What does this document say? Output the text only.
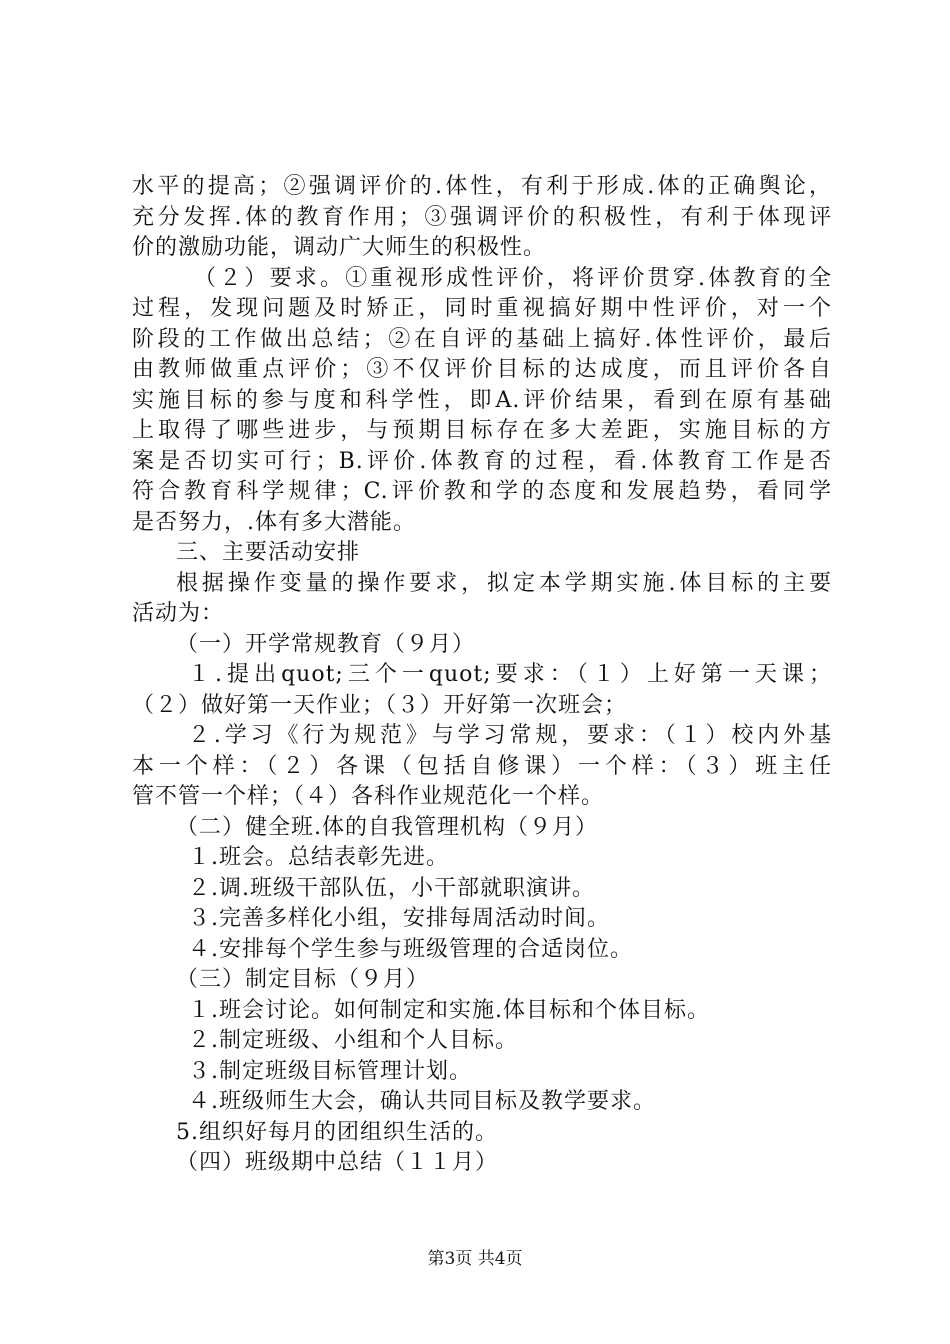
水平的提高；②强调评价的.体性，有利于形成.体的正确舆论，
充分发挥.体的教育作用；③强调评价的积极性，有利于体现评
价的激励功能，调动广大师生的积极性。
（２）要求。①重视形成性评价，将评价贯穿.体教育的全
过程，发现问题及时矫正，同时重视搞好期中性评价，对一个
阶段的工作做出总结；②在自评的基础上搞好.体性评价，最后
由教师做重点评价；③不仅评价目标的达成度，而且评价各自
实施目标的参与度和科学性，即A.评价结果，看到在原有基础
上取得了哪些进步，与预期目标存在多大差距，实施目标的方
案是否切实可行；B.评价.体教育的过程，看.体教育工作是否
符合教育科学规律；C.评价教和学的态度和发展趋势，看同学
是否努力，.体有多大潜能。
三、主要活动安排
根据操作变量的操作要求，拟定本学期实施.体目标的主要
活动为：
（一）开学常规教育（９月）
１.提出quot;三个一quot;要求：（１）上好第一天课；
（２）做好第一天作业；（３）开好第一次班会；
２.学习《行为规范》与学习常规，要求：（１）校内外基
本一个样：（２）各课（包括自修课）一个样：（３）班主任
管不管一个样；（４）各科作业规范化一个样。
（二）健全班.体的自我管理机构（９月）
１.班会。总结表彰先进。
２.调.班级干部队伍，小干部就职演讲。
３.完善多样化小组，安排每周活动时间。
４.安排每个学生参与班级管理的合适岗位。
（三）制定目标（９月）
１.班会讨论。如何制定和实施.体目标和个体目标。
２.制定班级、小组和个人目标。
３.制定班级目标管理计划。
４.班级师生大会，确认共同目标及教学要求。
5.组织好每月的团组织生活的。
（四）班级期中总结（１１月）
第3页 共4页
